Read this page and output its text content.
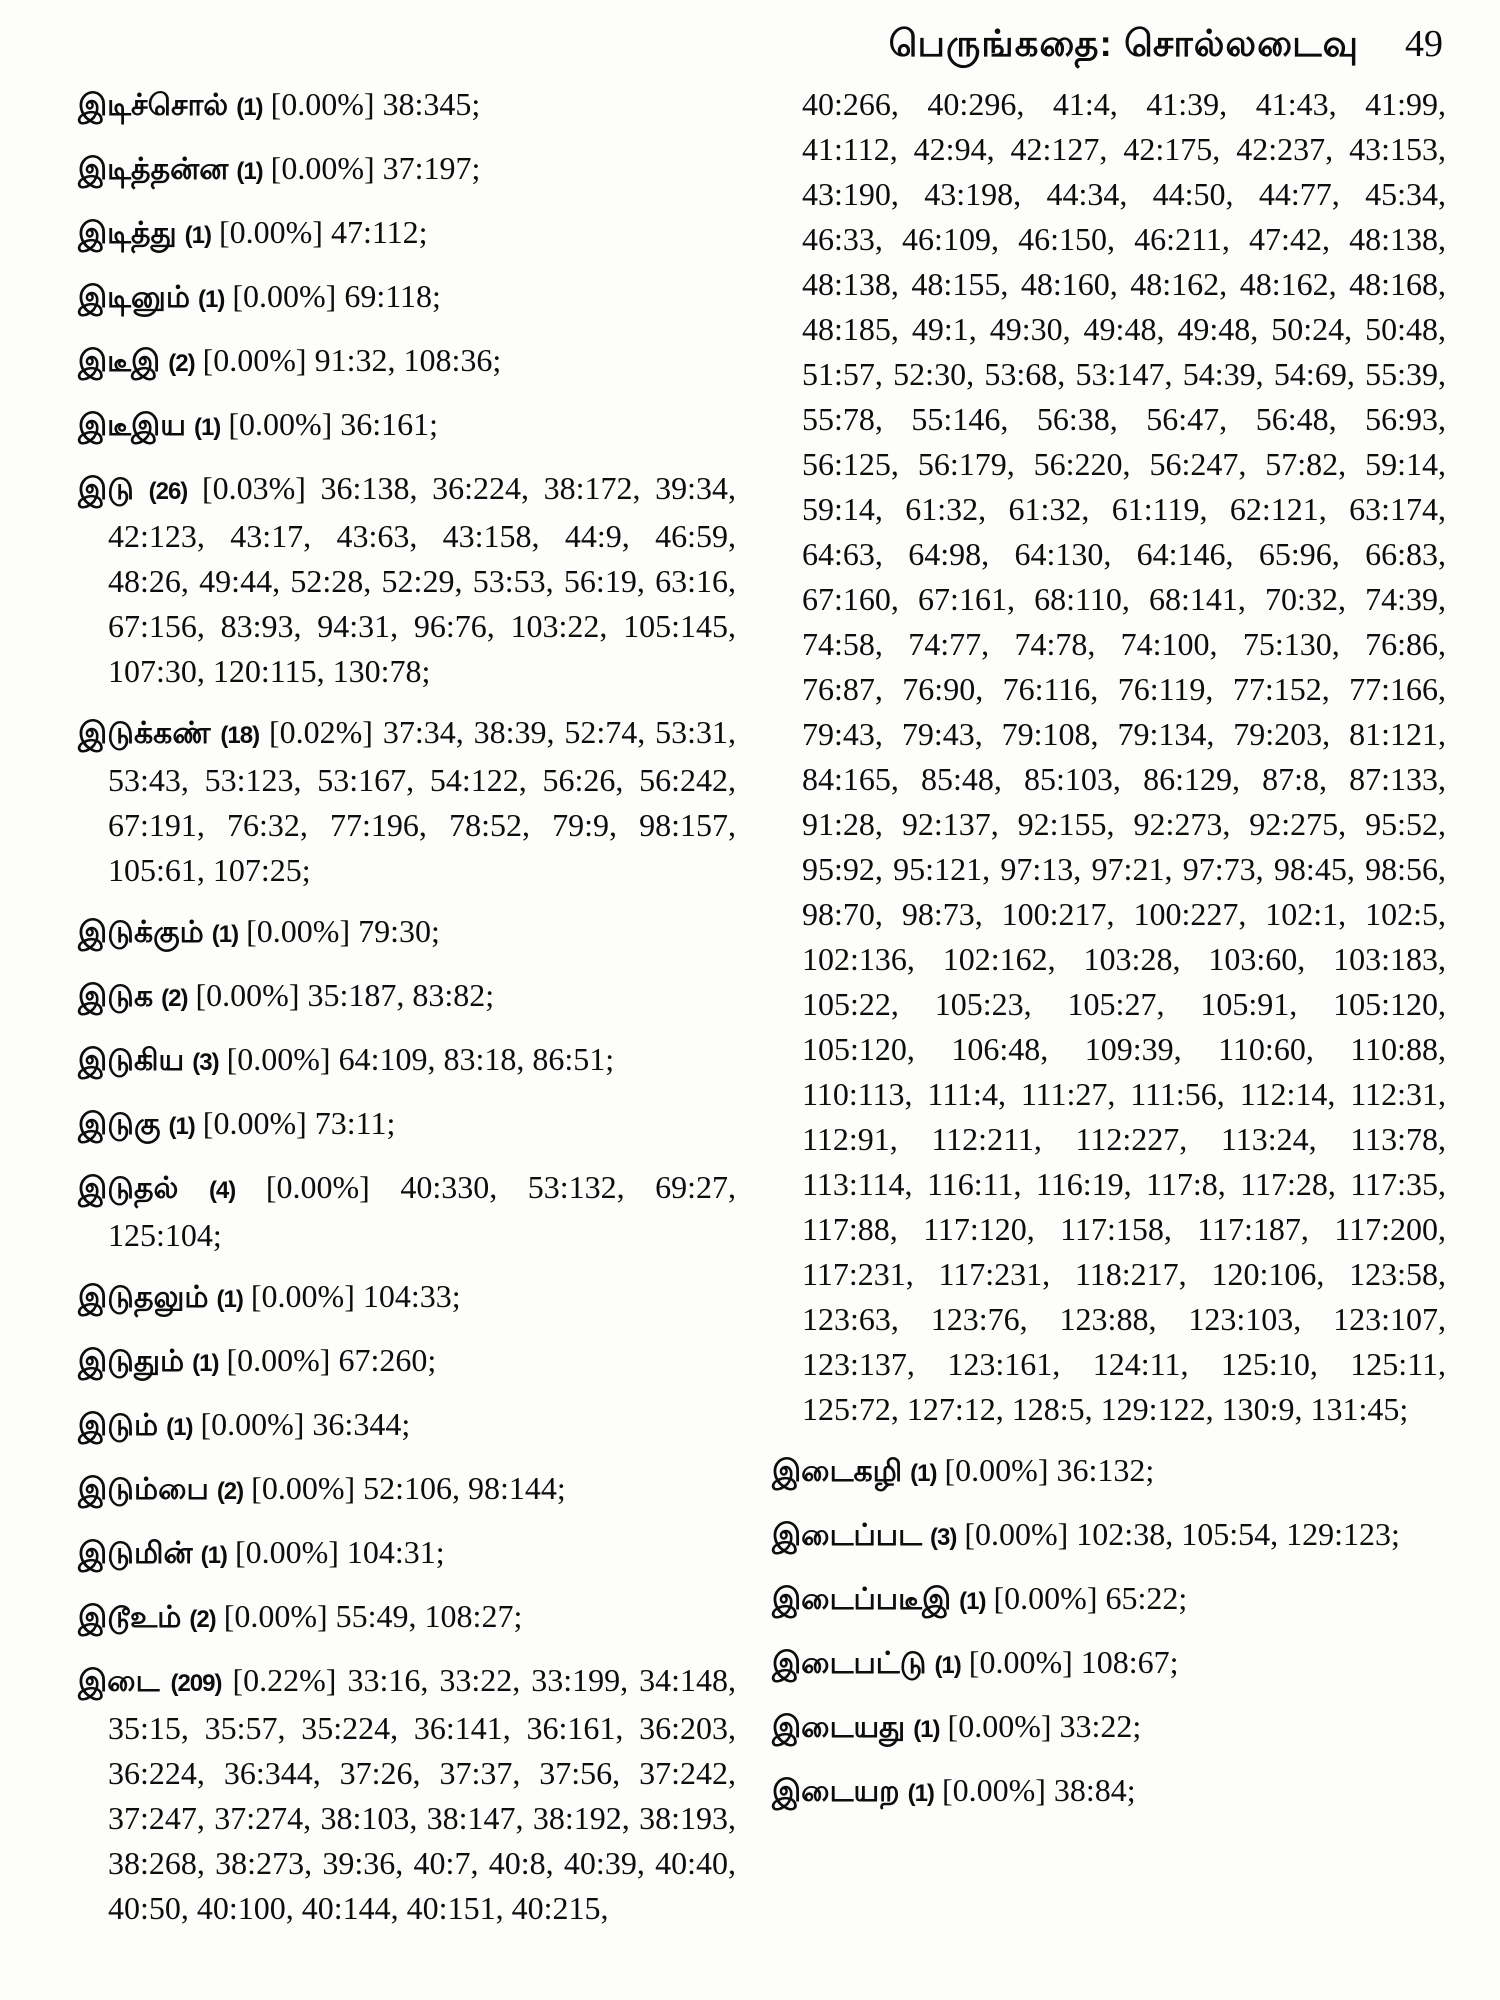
பெருங்கதை: சொல்லடைவு 49

இடிச்சொல் (1) [0.00%] 38:345;

இடித்தன்ன (1) [0.00%] 37:197;

இடித்து (1) [0.00%] 47:112;

இடினும் (1) [0.00%] 69:118;

இடீஇ (2) [0.00%] 91:32, 108:36;

இடீஇய (1) [0.00%] 36:161;

இடு (26) [0.03%] 36:138, 36:224, 38:172, 39:34, 42:123, 43:17, 43:63, 43:158, 44:9, 46:59, 48:26, 49:44, 52:28, 52:29, 53:53, 56:19, 63:16, 67:156, 83:93, 94:31, 96:76, 103:22, 105:145, 107:30, 120:115, 130:78;

இடுக்கண் (18) [0.02%] 37:34, 38:39, 52:74, 53:31, 53:43, 53:123, 53:167, 54:122, 56:26, 56:242, 67:191, 76:32, 77:196, 78:52, 79:9, 98:157, 105:61, 107:25;

இடுக்கும் (1) [0.00%] 79:30;

இடுக (2) [0.00%] 35:187, 83:82;

இடுகிய (3) [0.00%] 64:109, 83:18, 86:51;

இடுகு (1) [0.00%] 73:11;

இடுதல் (4) [0.00%] 40:330, 53:132, 69:27, 125:104;

இடுதலும் (1) [0.00%] 104:33;

இடுதும் (1) [0.00%] 67:260;

இடும் (1) [0.00%] 36:344;

இடும்பை (2) [0.00%] 52:106, 98:144;

இடுமின் (1) [0.00%] 104:31;

இடூஉம் (2) [0.00%] 55:49, 108:27;

இடை (209) [0.22%] 33:16, 33:22, 33:199, 34:148, 35:15, 35:57, 35:224, 36:141, 36:161, 36:203, 36:224, 36:344, 37:26, 37:37, 37:56, 37:242, 37:247, 37:274, 38:103, 38:147, 38:192, 38:193, 38:268, 38:273, 39:36, 40:7, 40:8, 40:39, 40:40, 40:50, 40:100, 40:144, 40:151, 40:215,

40:266, 40:296, 41:4, 41:39, 41:43, 41:99, 41:112, 42:94, 42:127, 42:175, 42:237, 43:153, 43:190, 43:198, 44:34, 44:50, 44:77, 45:34, 46:33, 46:109, 46:150, 46:211, 47:42, 48:138, 48:138, 48:155, 48:160, 48:162, 48:162, 48:168, 48:185, 49:1, 49:30, 49:48, 49:48, 50:24, 50:48, 51:57, 52:30, 53:68, 53:147, 54:39, 54:69, 55:39, 55:78, 55:146, 56:38, 56:47, 56:48, 56:93, 56:125, 56:179, 56:220, 56:247, 57:82, 59:14, 59:14, 61:32, 61:32, 61:119, 62:121, 63:174, 64:63, 64:98, 64:130, 64:146, 65:96, 66:83, 67:160, 67:161, 68:110, 68:141, 70:32, 74:39, 74:58, 74:77, 74:78, 74:100, 75:130, 76:86, 76:87, 76:90, 76:116, 76:119, 77:152, 77:166, 79:43, 79:43, 79:108, 79:134, 79:203, 81:121, 84:165, 85:48, 85:103, 86:129, 87:8, 87:133, 91:28, 92:137, 92:155, 92:273, 92:275, 95:52, 95:92, 95:121, 97:13, 97:21, 97:73, 98:45, 98:56, 98:70, 98:73, 100:217, 100:227, 102:1, 102:5, 102:136, 102:162, 103:28, 103:60, 103:183, 105:22, 105:23, 105:27, 105:91, 105:120, 105:120, 106:48, 109:39, 110:60, 110:88, 110:113, 111:4, 111:27, 111:56, 112:14, 112:31, 112:91, 112:211, 112:227, 113:24, 113:78, 113:114, 116:11, 116:19, 117:8, 117:28, 117:35, 117:88, 117:120, 117:158, 117:187, 117:200, 117:231, 117:231, 118:217, 120:106, 123:58, 123:63, 123:76, 123:88, 123:103, 123:107, 123:137, 123:161, 124:11, 125:10, 125:11, 125:72, 127:12, 128:5, 129:122, 130:9, 131:45;

இடைகழி (1) [0.00%] 36:132;

இடைப்பட (3) [0.00%] 102:38, 105:54, 129:123;

இடைப்படீஇ (1) [0.00%] 65:22;

இடைபட்டு (1) [0.00%] 108:67;

இடையது (1) [0.00%] 33:22;

இடையற (1) [0.00%] 38:84;
